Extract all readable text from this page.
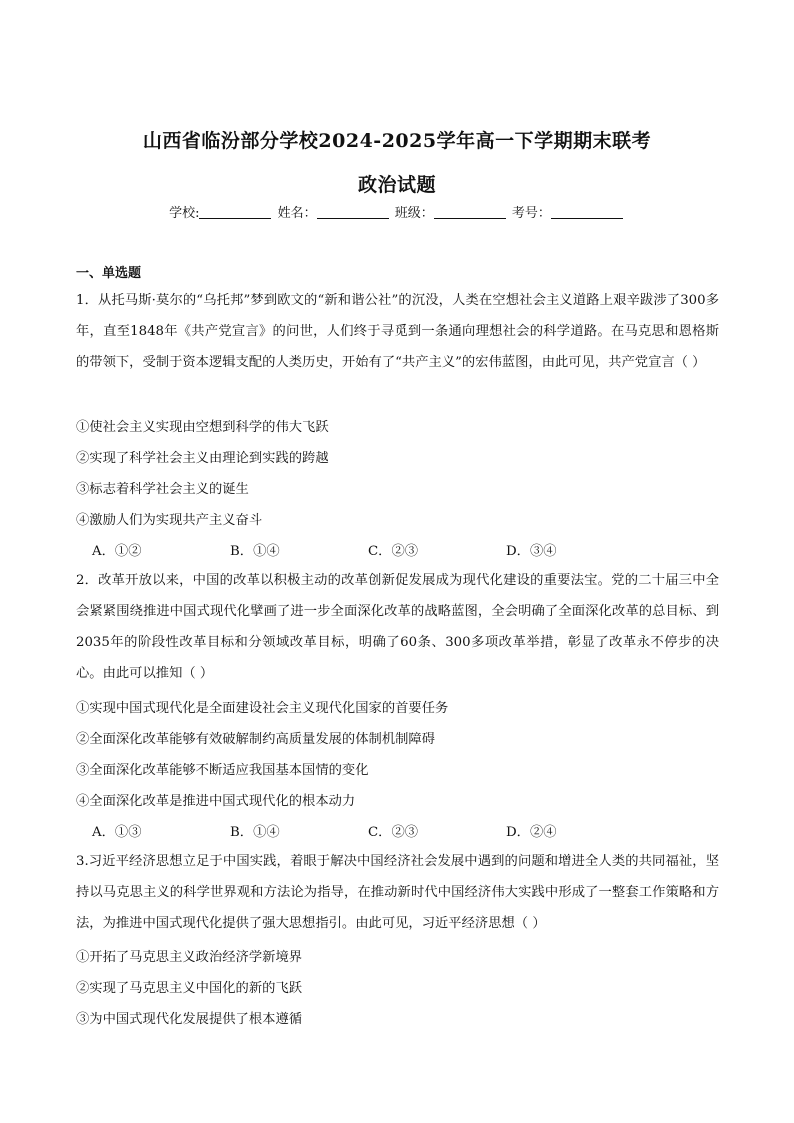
山西省临汾部分学校2024-2025学年高一下学期期末联考
政治试题
学校:	姓名：	班级：	考号：
一、单选题
1．从托马斯·莫尔的“乌托邦”梦到欧文的“新和谐公社”的沉没，人类在空想社会主义道路上艰辛跋涉了300多年，直至1848年《共产党宣言》的问世，人们终于寻觅到一条通向理想社会的科学道路。在马克思和恩格斯的带领下，受制于资本逻辑支配的人类历史，开始有了“共产主义”的宏伟蓝图，由此可见，共产党宣言（ ）
①使社会主义实现由空想到科学的伟大飞跃
②实现了科学社会主义由理论到实践的跨越
③标志着科学社会主义的诞生
④激励人们为实现共产主义奋斗
A．①②	B．①④	C．②③	D．③④
2．改革开放以来，中国的改革以积极主动的改革创新促发展成为现代化建设的重要法宝。党的二十届三中全会紧紧围绕推进中国式现代化擘画了进一步全面深化改革的战略蓝图，全会明确了全面深化改革的总目标、到2035年的阶段性改革目标和分领域改革目标，明确了60条、300多项改革举措，彰显了改革永不停步的决心。由此可以推知（ ）
①实现中国式现代化是全面建设社会主义现代化国家的首要任务
②全面深化改革能够有效破解制约高质量发展的体制机制障碍
③全面深化改革能够不断适应我国基本国情的变化
④全面深化改革是推进中国式现代化的根本动力
A．①③	B．①④	C．②③	D．②④
3.习近平经济思想立足于中国实践，着眼于解决中国经济社会发展中遇到的问题和增进全人类的共同福祉，坚持以马克思主义的科学世界观和方法论为指导，在推动新时代中国经济伟大实践中形成了一整套工作策略和方法，为推进中国式现代化提供了强大思想指引。由此可见，习近平经济思想（ ）
①开拓了马克思主义政治经济学新境界
②实现了马克思主义中国化的新的飞跃
③为中国式现代化发展提供了根本遵循
